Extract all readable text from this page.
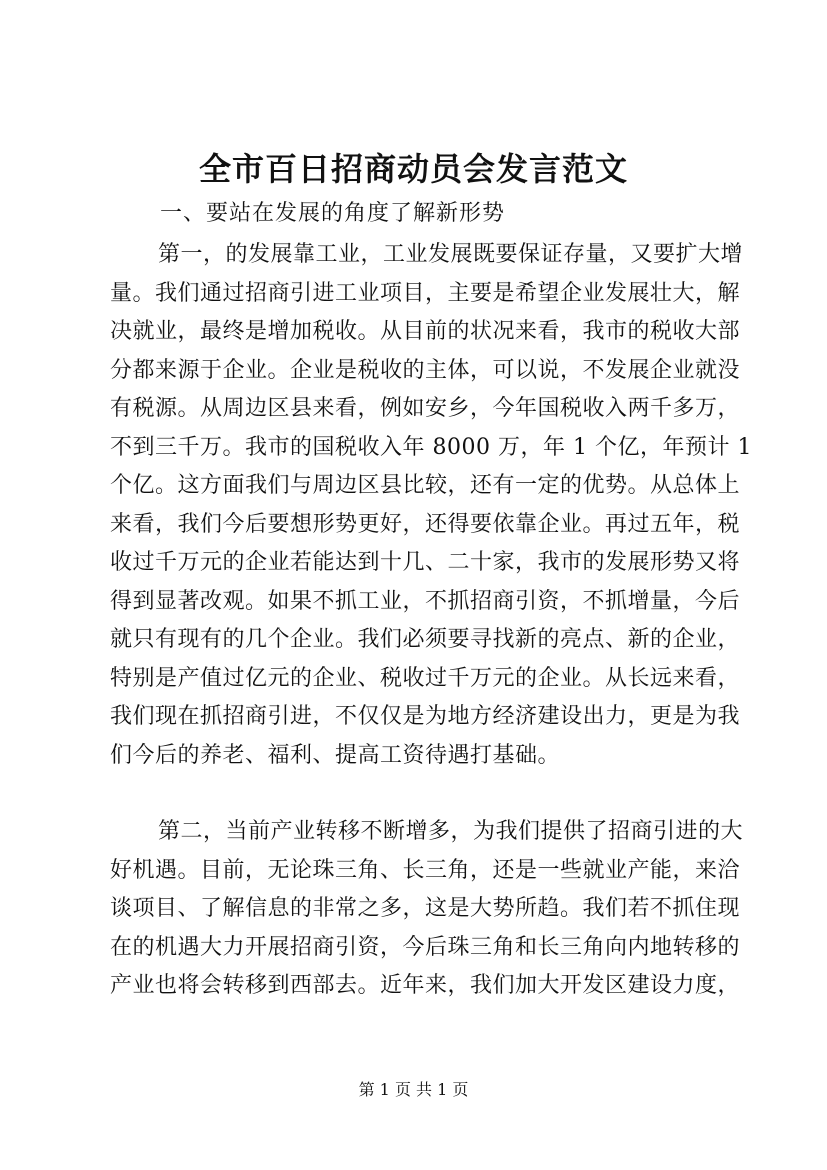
全市百日招商动员会发言范文
一、要站在发展的角度了解新形势
第一，的发展靠工业，工业发展既要保证存量，又要扩大增
量。我们通过招商引进工业项目，主要是希望企业发展壮大，解
决就业，最终是增加税收。从目前的状况来看，我市的税收大部
分都来源于企业。企业是税收的主体，可以说，不发展企业就没
有税源。从周边区县来看，例如安乡，今年国税收入两千多万，
不到三千万。我市的国税收入年 8000 万，年 1 个亿，年预计 1
个亿。这方面我们与周边区县比较，还有一定的优势。从总体上
来看，我们今后要想形势更好，还得要依靠企业。再过五年，税
收过千万元的企业若能达到十几、二十家，我市的发展形势又将
得到显著改观。如果不抓工业，不抓招商引资，不抓增量，今后
就只有现有的几个企业。我们必须要寻找新的亮点、新的企业，
特别是产值过亿元的企业、税收过千万元的企业。从长远来看，
我们现在抓招商引进，不仅仅是为地方经济建设出力，更是为我
们今后的养老、福利、提高工资待遇打基础。
第二，当前产业转移不断增多，为我们提供了招商引进的大
好机遇。目前，无论珠三角、长三角，还是一些就业产能，来洽
谈项目、了解信息的非常之多，这是大势所趋。我们若不抓住现
在的机遇大力开展招商引资，今后珠三角和长三角向内地转移的
产业也将会转移到西部去。近年来，我们加大开发区建设力度，
第 1 页 共 1 页
